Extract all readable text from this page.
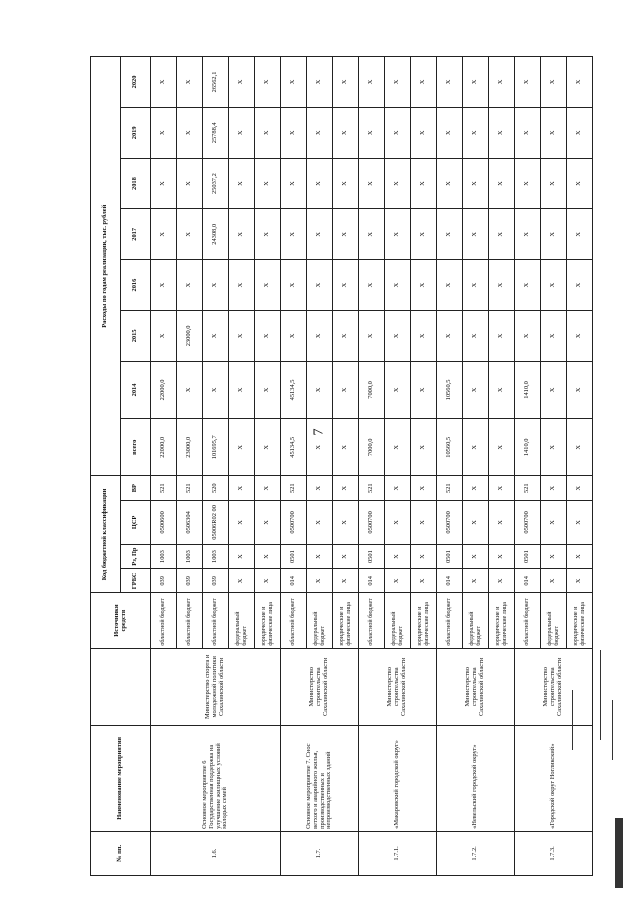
7
№ пп.	Наименование мероприятия		Источники средств	Код бюджетной классификации				Расходы по годам реализации, тыс. рублей							
				ГРБС	Рз, Пр	ЦСР	ВР	всего	2014	2015	2016	2017	2018	2019	2020
1.6.	Основное мероприятие 6 Государственная поддержка на улучшение жилищных условий молодых семей	Министерство спорта и молодежной политики Сахалинской области	областной бюджет	039	1003	0500600	521	22000,0	22000,0	X	X	X	X	X	X
			областной бюджет	039	1003	0506304	521	23000,0	X	23000,0	X	X	X	X	X
			областной бюджет	039	1003	05006R02 00	520	101695,7	X	X	X	24308,0	25037,2	25788,4	26562,1
			федеральный бюджет	X	X	X	X	X	X	X	X	X	X	X	X
			юридические и физические лица	X	X	X	X	X	X	X	X	X	X	X	X
1.7.	Основное мероприятие 7. Снос ветхого и аварийного жилья, производственных и непроизводственных зданий	Министерство строительства Сахалинской области	областной бюджет	014	0501	0500700	521	45134,5	45134,5	X	X	X	X	X	X
			федеральный бюджет	X	X	X	X	X	X	X	X	X	X	X	X
			юридические и физические лица	X	X	X	X	X	X	X	X	X	X	X	X
1.7.1.	«Макаровский городской округ»	Министерство строительства Сахалинской области	областной бюджет	014	0501	0500700	521	7000,0	7000,0	X	X	X	X	X	X
			федеральный бюджет	X	X	X	X	X	X	X	X	X	X	X	X
			юридические и физические лица	X	X	X	X	X	X	X	X	X	X	X	X
1.7.2.	«Невельский городской округ»	Министерство строительства Сахалинской области	областной бюджет	014	0501	0500700	521	10560,5	10560,5	X	X	X	X	X	X
			федеральный бюджет	X	X	X	X	X	X	X	X	X	X	X	X
			юридические и физические лица	X	X	X	X	X	X	X	X	X	X	X	X
1.7.3.	«Городской округ Ногликский»	Министерство строительства Сахалинской области	областной бюджет	014	0501	0500700	521	1410,0	1410,0	X	X	X	X	X	X
			федеральный бюджет	X	X	X	X	X	X	X	X	X	X	X	X
			юридические и физические лица	X	X	X	X	X	X	X	X	X	X	X	X
